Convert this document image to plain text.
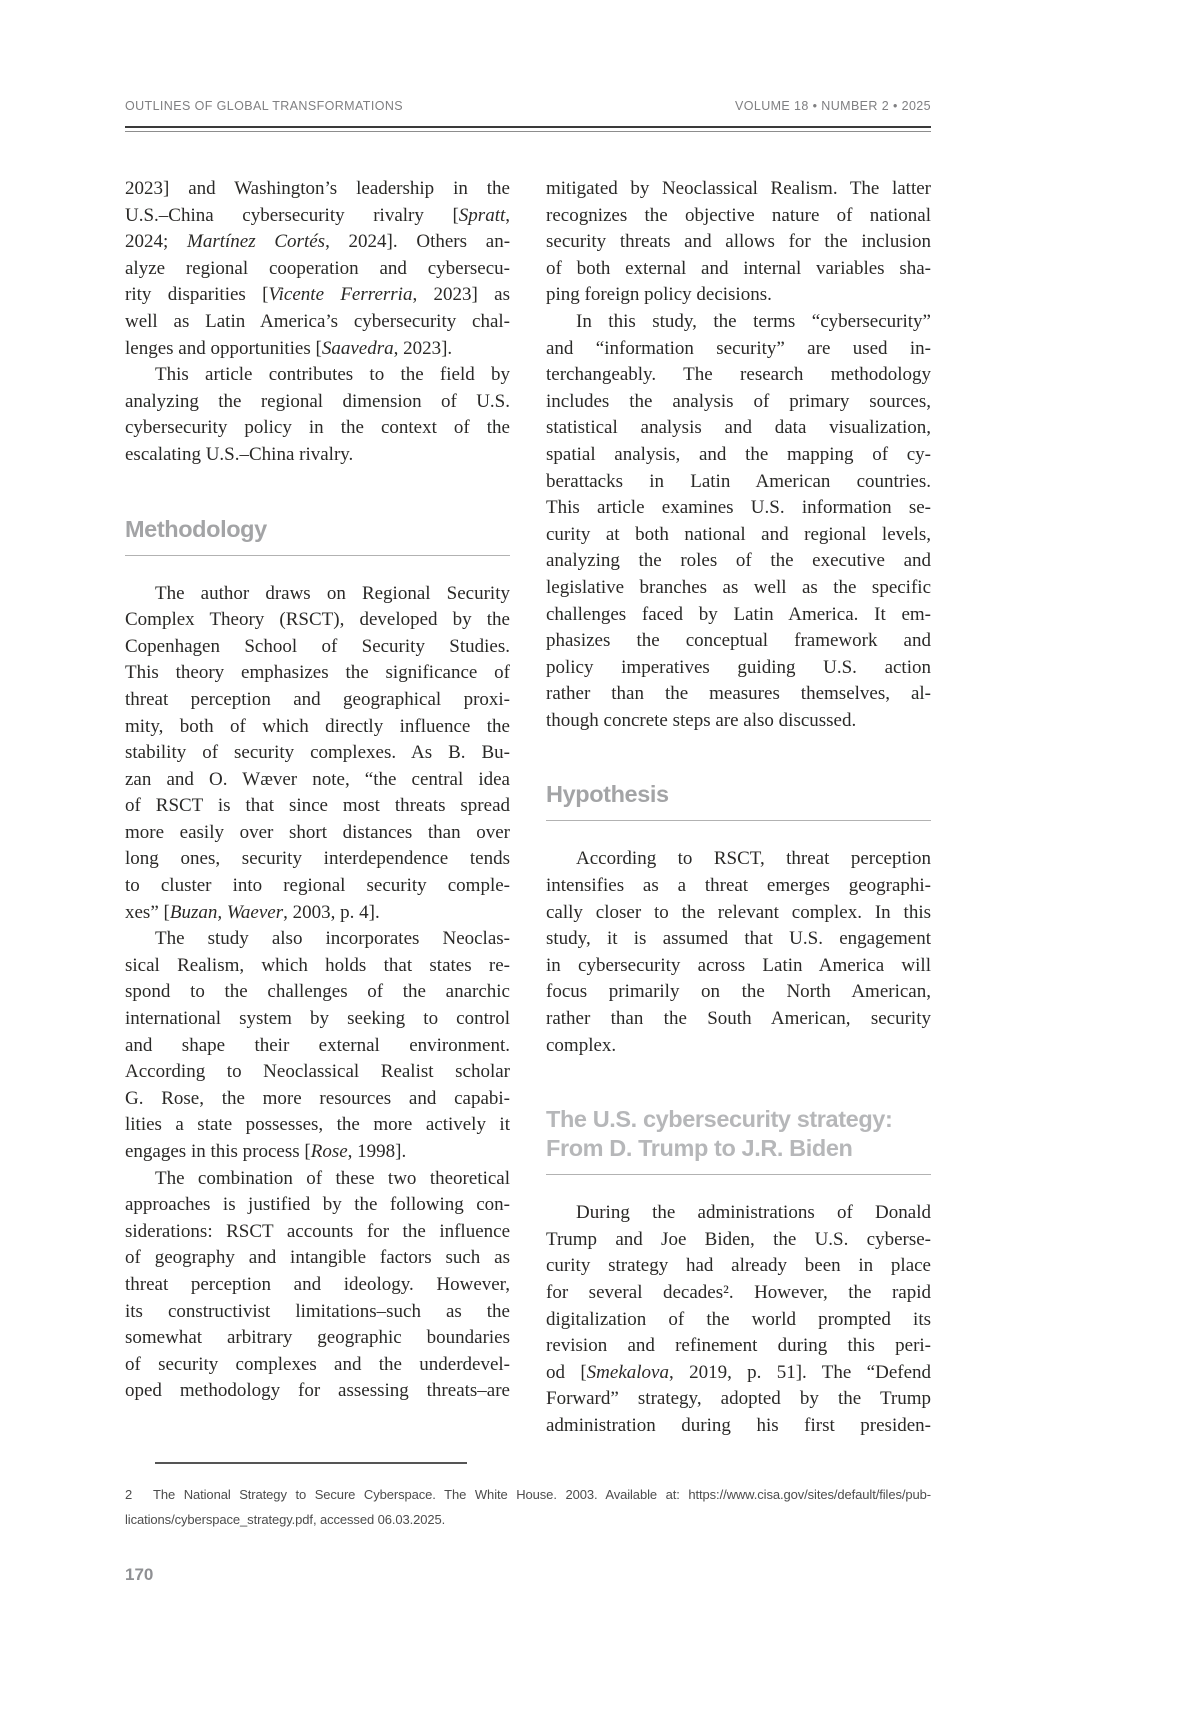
OUTLINES OF GLOBAL TRANSFORMATIONS	VOLUME 18 • NUMBER 2 • 2025
2023] and Washington’s leadership in the
U.S.–China cybersecurity rivalry [Spratt,
2024; Martínez Cortés, 2024]. Others an-
alyze regional cooperation and cybersecu-
rity disparities [Vicente Ferrerria, 2023] as
well as Latin America’s cybersecurity chal-
lenges and opportunities [Saavedra, 2023].
This article contributes to the field by
analyzing the regional dimension of U.S.
cybersecurity policy in the context of the
escalating U.S.–China rivalry.
Methodology
The author draws on Regional Security
Complex Theory (RSCT), developed by the
Copenhagen School of Security Studies.
This theory emphasizes the significance of
threat perception and geographical proxi-
mity, both of which directly influence the
stability of security complexes. As B. Bu-
zan and O. Wæver note, “the central idea
of RSCT is that since most threats spread
more easily over short distances than over
long ones, security interdependence tends
to cluster into regional security comple-
xes” [Buzan, Waever, 2003, p. 4].
The study also incorporates Neoclas-
sical Realism, which holds that states re-
spond to the challenges of the anarchic
international system by seeking to control
and shape their external environment.
According to Neoclassical Realist scholar
G. Rose, the more resources and capabi-
lities a state possesses, the more actively it
engages in this process [Rose, 1998].
The combination of these two theoretical
approaches is justified by the following con-
siderations: RSCT accounts for the influence
of geography and intangible factors such as
threat perception and ideology. However,
its constructivist limitations–such as the
somewhat arbitrary geographic boundaries
of security complexes and the underdevel-
oped methodology for assessing threats–are
mitigated by Neoclassical Realism. The latter
recognizes the objective nature of national
security threats and allows for the inclusion
of both external and internal variables sha-
ping foreign policy decisions.
In this study, the terms “cybersecurity”
and “information security” are used in-
terchangeably. The research methodology
includes the analysis of primary sources,
statistical analysis and data visualization,
spatial analysis, and the mapping of cy-
berattacks in Latin American countries.
This article examines U.S. information se-
curity at both national and regional levels,
analyzing the roles of the executive and
legislative branches as well as the specific
challenges faced by Latin America. It em-
phasizes the conceptual framework and
policy imperatives guiding U.S. action
rather than the measures themselves, al-
though concrete steps are also discussed.
Hypothesis
According to RSCT, threat perception
intensifies as a threat emerges geographi-
cally closer to the relevant complex. In this
study, it is assumed that U.S. engagement
in cybersecurity across Latin America will
focus primarily on the North American,
rather than the South American, security
complex.
The U.S. cybersecurity strategy:
From D. Trump to J.R. Biden
During the administrations of Donald
Trump and Joe Biden, the U.S. cyberse-
curity strategy had already been in place
for several decades². However, the rapid
digitalization of the world prompted its
revision and refinement during this peri-
od [Smekalova, 2019, p. 51]. The “Defend
Forward” strategy, adopted by the Trump
administration during his first presiden-
2 The National Strategy to Secure Cyberspace. The White House. 2003. Available at: https://www.cisa.gov/sites/default/files/pub-
lications/cyberspace_strategy.pdf, accessed 06.03.2025.
170
